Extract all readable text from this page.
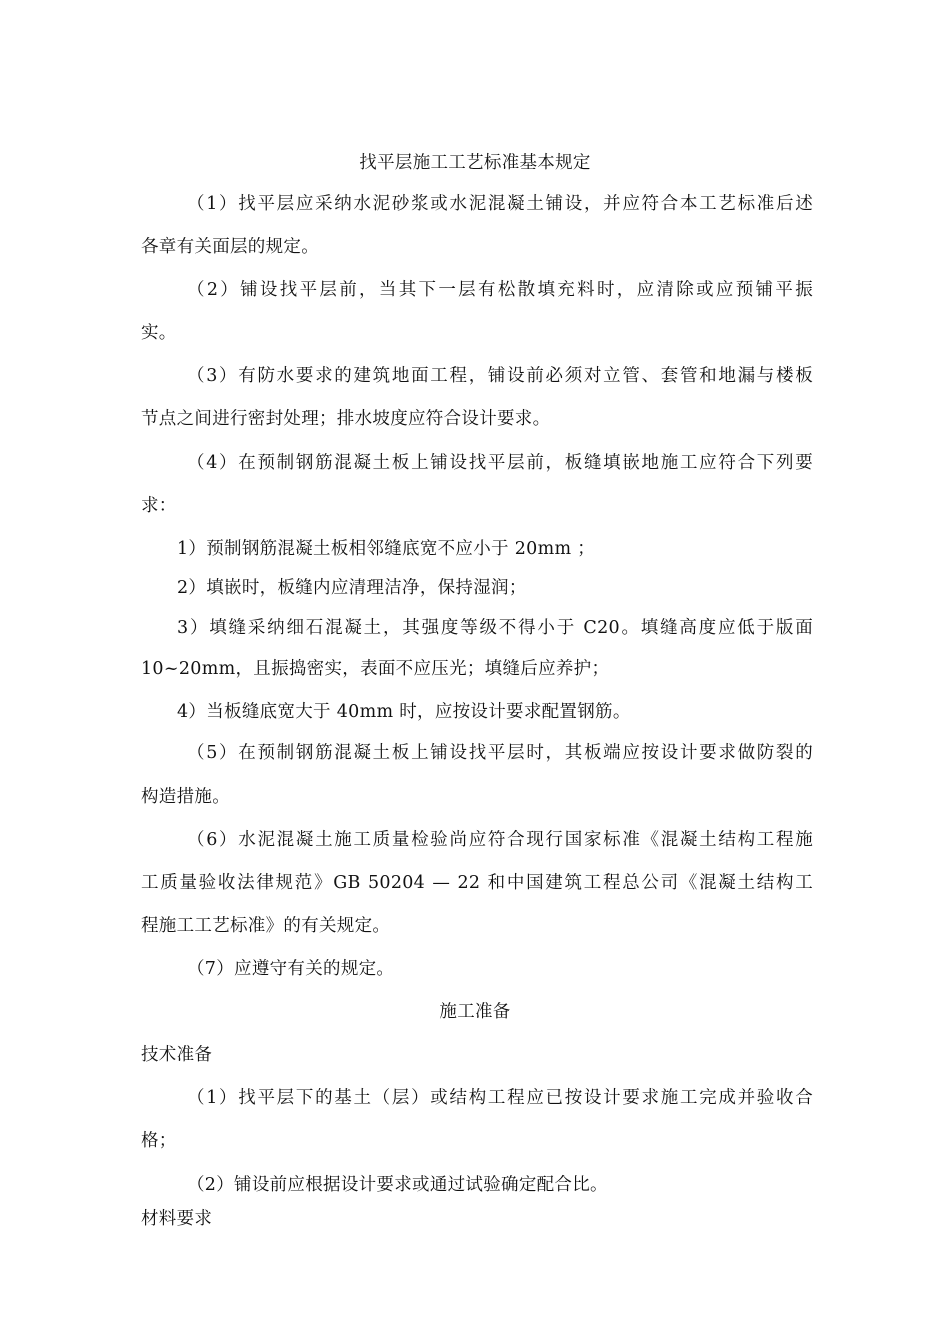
找平层施工工艺标准基本规定
（1）找平层应采纳水泥砂浆或水泥混凝土铺设，并应符合本工艺标准后述
各章有关面层的规定。
（2）铺设找平层前，当其下一层有松散填充料时，应清除或应预铺平振
实。
（3）有防水要求的建筑地面工程，铺设前必须对立管、套管和地漏与楼板
节点之间进行密封处理；排水坡度应符合设计要求。
（4）在预制钢筋混凝土板上铺设找平层前，板缝填嵌地施工应符合下列要
求：
1）预制钢筋混凝土板相邻缝底宽不应小于 20mm ；
2）填嵌时，板缝内应清理洁净，保持湿润；
3）填缝采纳细石混凝土，其强度等级不得小于 C20。填缝高度应低于版面
10~20mm，且振捣密实，表面不应压光；填缝后应养护；
4）当板缝底宽大于 40mm 时，应按设计要求配置钢筋。
（5）在预制钢筋混凝土板上铺设找平层时，其板端应按设计要求做防裂的
构造措施。
（6）水泥混凝土施工质量检验尚应符合现行国家标准《混凝土结构工程施
工质量验收法律规范》GB 50204 — 22 和中国建筑工程总公司《混凝土结构工
程施工工艺标准》的有关规定。
（7）应遵守有关的规定。
施工准备
技术准备
（1）找平层下的基土（层）或结构工程应已按设计要求施工完成并验收合
格；
（2）铺设前应根据设计要求或通过试验确定配合比。
材料要求
